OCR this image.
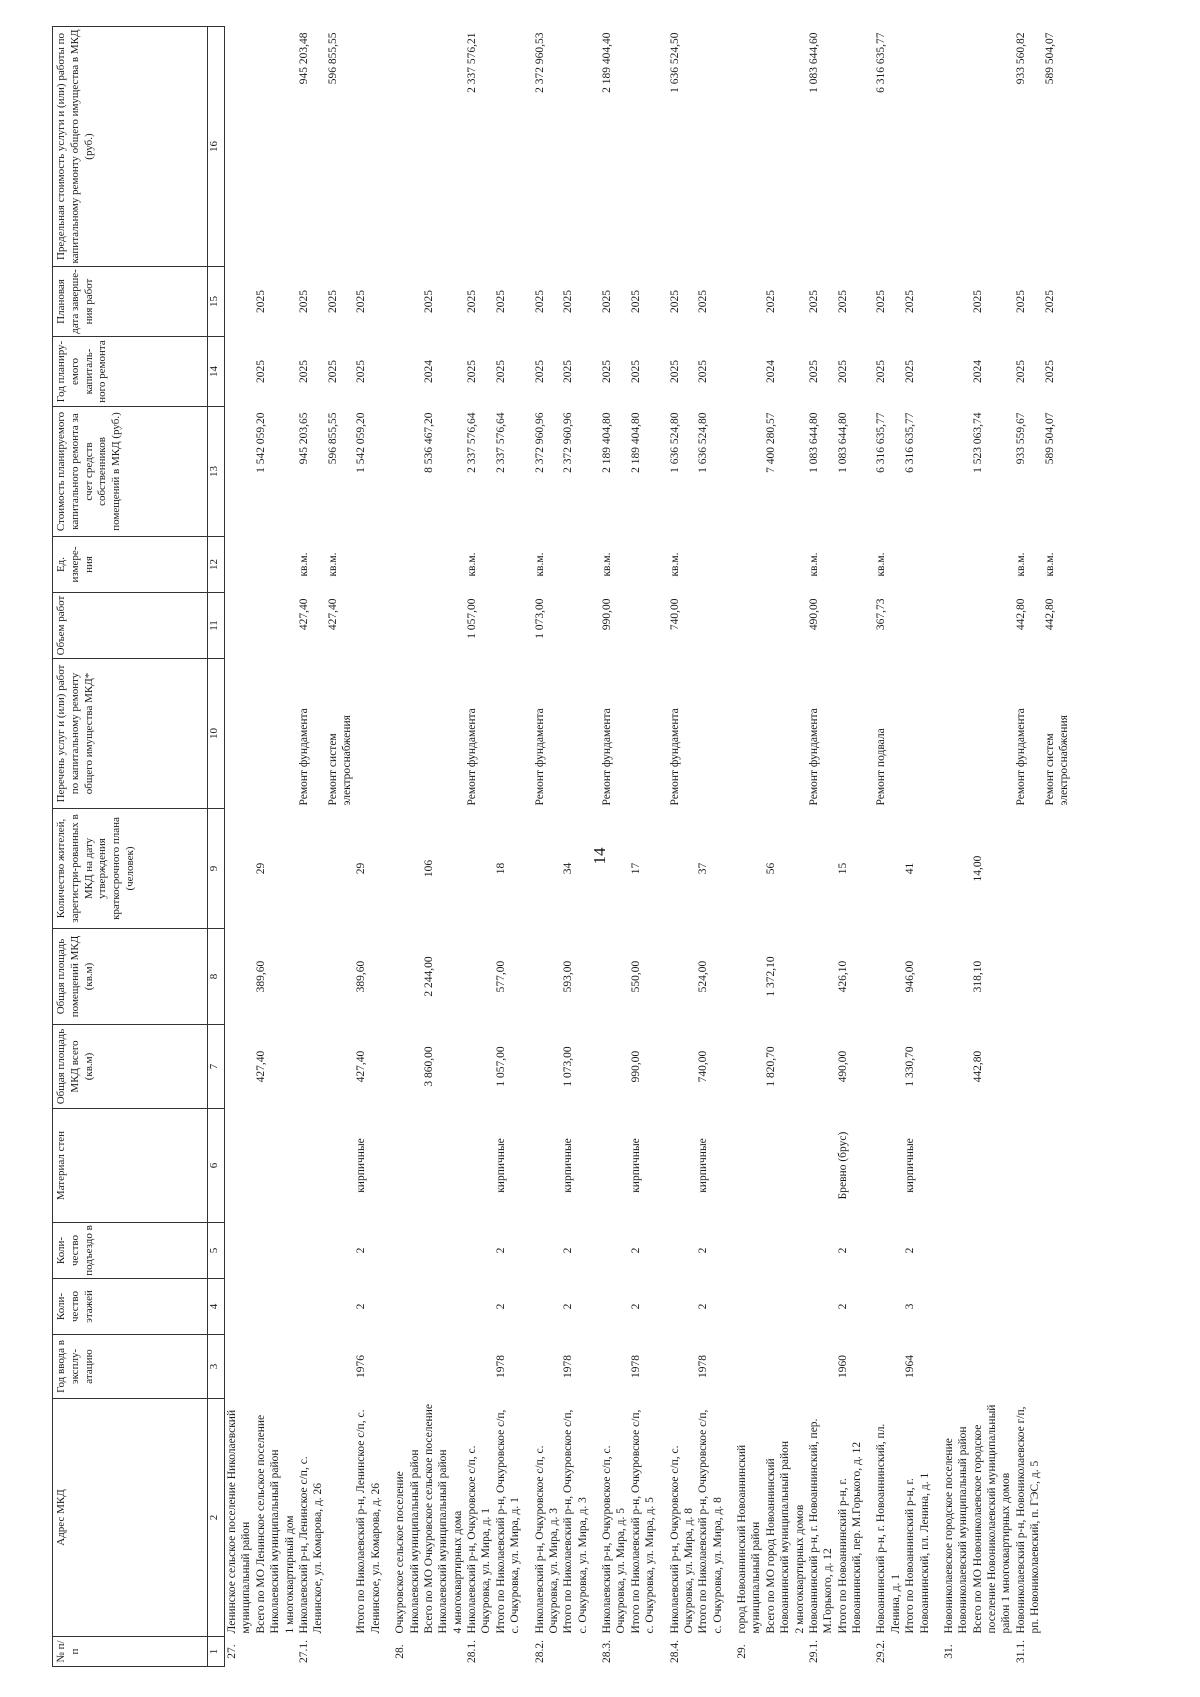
14
№ п/п	Адрес МКД	Год ввода в эксплу-атацию	Коли-чество этажей	Коли-чество подъездо в	Материал стен	Общая площадь МКД всего (кв.м)	Общая площадь помещений МКД (кв.м)	Количество жителей, зарегистри-рованных в МКД на дату утверждения краткосрочного плана (человек)	Перечень услуг и (или) работ по капитальному ремонту общего имущества МКД*	Объем работ	Ед. измере-ния	Стоимость планируемого капитального ремонта за счет средств собственников помещений в МКД (руб.)	Год планиру-емого капиталь-ного ремонта	Плановая дата заверше-ния работ	Предельная стоимость услуги и (или) работы по капитальному ремонту общего имущества в МКД (руб.)
1	2	3	4	5	6	7	8	9	10	11	12	13	14	15	16
27.	Ленинское сельское поселение Николаевский муниципальный район														
	Всего по МО Ленинское сельское поселение Николаевский муниципальный район					427,40	389,60	29				1 542 059,20	2025	2025	
	1 многоквартирный дом														
27.1.	Николаевский р-н, Ленинское с/п, с. Ленинское, ул. Комарова, д. 26								Ремонт фундамента	427,40	кв.м.	945 203,65	2025	2025	945 203,48
									Ремонт систем электроснабжения	427,40	кв.м.	596 855,55	2025	2025	596 855,55
	Итого по Николаевский р-н, Ленинское с/п, с. Ленинское, ул. Комарова, д. 26	1976	2	2	кирпичные	427,40	389,60	29				1 542 059,20	2025	2025	

28.	Очкуровское сельское поселение Николаевский муниципальный район														
	Всего по МО Очкуровское сельское поселение Николаевский муниципальный район					3 860,00	2 244,00	106				8 536 467,20	2024	2025	
	4 многоквартирных дома														
28.1.	Николаевский р-н, Очкуровское с/п, с. Очкуровка, ул. Мира, д. 1								Ремонт фундамента	1 057,00	кв.м.	2 337 576,64	2025	2025	2 337 576,21
	Итого по Николаевский р-н, Очкуровское с/п, с. Очкуровка, ул. Мира, д. 1	1978	2	2	кирпичные	1 057,00	577,00	18				2 337 576,64	2025	2025	

28.2.	Николаевский р-н, Очкуровское с/п, с. Очкуровка, ул. Мира, д. 3								Ремонт фундамента	1 073,00	кв.м.	2 372 960,96	2025	2025	2 372 960,53
	Итого по Николаевский р-н, Очкуровское с/п, с. Очкуровка, ул. Мира, д. 3	1978	2	2	кирпичные	1 073,00	593,00	34				2 372 960,96	2025	2025	

28.3.	Николаевский р-н, Очкуровское с/п, с. Очкуровка, ул. Мира, д. 5								Ремонт фундамента	990,00	кв.м.	2 189 404,80	2025	2025	2 189 404,40
	Итого по Николаевский р-н, Очкуровское с/п, с. Очкуровка, ул. Мира, д. 5	1978	2	2	кирпичные	990,00	550,00	17				2 189 404,80	2025	2025	

28.4.	Николаевский р-н, Очкуровское с/п, с. Очкуровка, ул. Мира, д. 8								Ремонт фундамента	740,00	кв.м.	1 636 524,80	2025	2025	1 636 524,50
	Итого по Николаевский р-н, Очкуровское с/п, с. Очкуровка, ул. Мира, д. 8	1978	2	2	кирпичные	740,00	524,00	37				1 636 524,80	2025	2025	

29.	город Новоаннинский Новоаннинский муниципальный район														
	Всего по МО город Новоаннинский Новоаннинский муниципальный район					1 820,70	1 372,10	56				7 400 280,57	2024	2025	
	2 многоквартирных домов														
29.1.	Новоаннинский р-н, г. Новоаннинский, пер. М.Горького, д. 12								Ремонт фундамента	490,00	кв.м.	1 083 644,80	2025	2025	1 083 644,60
	Итого по Новоаннинский р-н, г. Новоаннинский, пер. М.Горького, д. 12	1960	2	2	Бревно (брус)	490,00	426,10	15				1 083 644,80	2025	2025	

29.2.	Новоаннинский р-н, г. Новоаннинский, пл. Ленина, д. 1								Ремонт подвала	367,73	кв.м.	6 316 635,77	2025	2025	6 316 635,77
	Итого по Новоаннинский р-н, г. Новоаннинский, пл. Ленина, д. 1	1964	3	2	кирпичные	1 330,70	946,00	41				6 316 635,77	2025	2025	

31.	Новониколаевское городское поселение Новониколаевский муниципальный район														
	Всего по МО Новониколаевское городское поселение Новониколаевский муниципальный район 1 многоквартирных домов					442,80	318,10	14,00				1 523 063,74	2024	2025	
31.1.	Новониколаевский р-н, Новониколаевское г/п, рп. Новониколаевский, п. ГЭС, д. 5								Ремонт фундамента	442,80	кв.м.	933 559,67	2025	2025	933 560,82
									Ремонт систем электроснабжения	442,80	кв.м.	589 504,07	2025	2025	589 504,07
